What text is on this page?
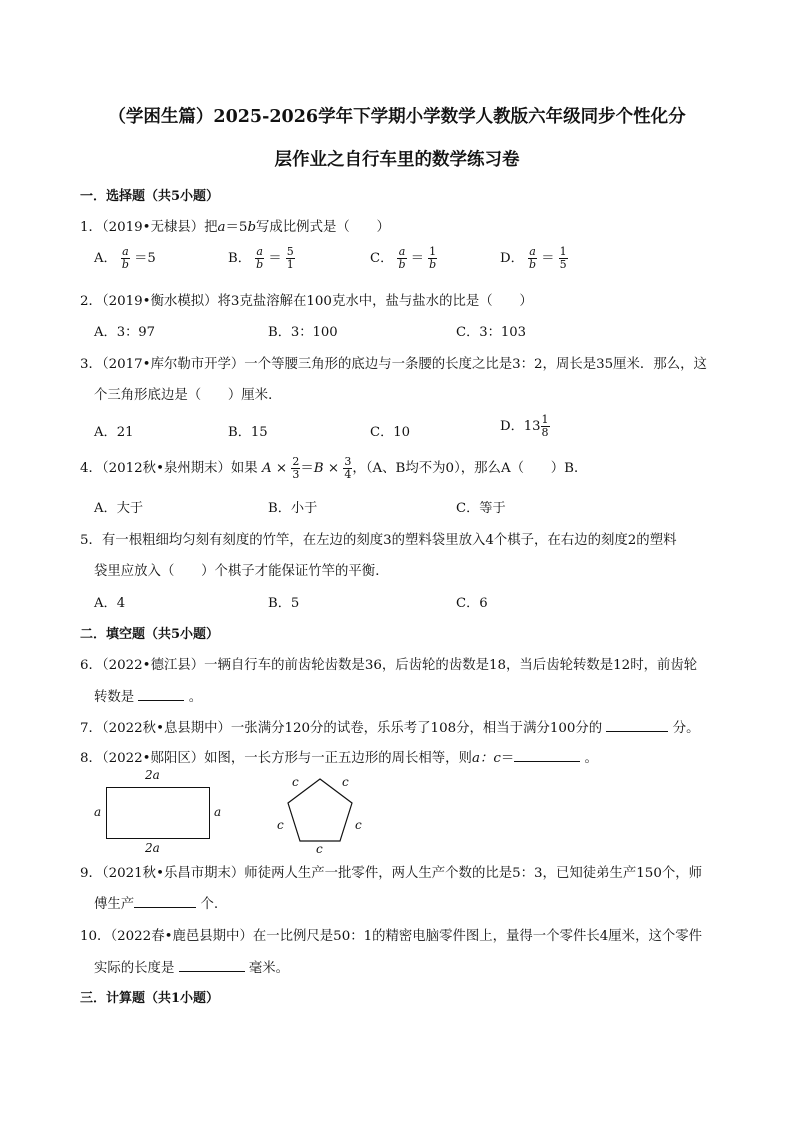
（学困生篇）2025-2026学年下学期小学数学人教版六年级同步个性化分
层作业之自行车里的数学练习卷
一．选择题（共5小题）
1．（2019•无棣县）把a＝5b写成比例式是（　　）
A． $\frac{a}{b} =5$	B． $\frac{a}{b} = \frac{5}{1}$	C． $\frac{a}{b} = \frac{1}{b}$	D． $\frac{a}{b} = \frac{1}{5}$
2．（2019•衡水模拟）将3克盐溶解在100克水中，盐与盐水的比是（　　）
A．3：97	B．3：100	C．3：103
3．（2017•库尔勒市开学）一个等腰三角形的底边与一条腰的长度之比是3：2，周长是35厘米．那么，这
个三角形底边是（　　）厘米．
A．21	B．15	C．10	D．$13 \frac{1}{8}$
4．（2012秋•泉州期末）如果 $A \times \frac{2}{3} =B \times \frac{3}{4}$ ，（A、B均不为0），那么A（　　）B．
A．大于	B．小于	C．等于
5．有一根粗细均匀刻有刻度的竹竿，在左边的刻度3的塑料袋里放入4个棋子，在右边的刻度2的塑料
袋里应放入（　　）个棋子才能保证竹竿的平衡．
A．4	B．5	C．6
二．填空题（共5小题）
6．（2022•德江县）一辆自行车的前齿轮齿数是36，后齿轮的齿数是18，当后齿轮转数是12时，前齿轮
转数是	。
7．（2022秋•息县期中）一张满分120分的试卷，乐乐考了108分，相当于满分100分的	分。
8．（2022•郧阳区）如图，一长方形与一正五边形的周长相等，则a：c＝	。
2a
2a
a	a
c	c
c	c
c
9．（2021秋•乐昌市期末）师徒两人生产一批零件，两人生产个数的比是5：3，已知徒弟生产150个，师
傅生产	个.
10．（2022春•鹿邑县期中）在一比例尺是50：1的精密电脑零件图上，量得一个零件长4厘米，这个零件
实际的长度是	毫米。
三．计算题（共1小题）
